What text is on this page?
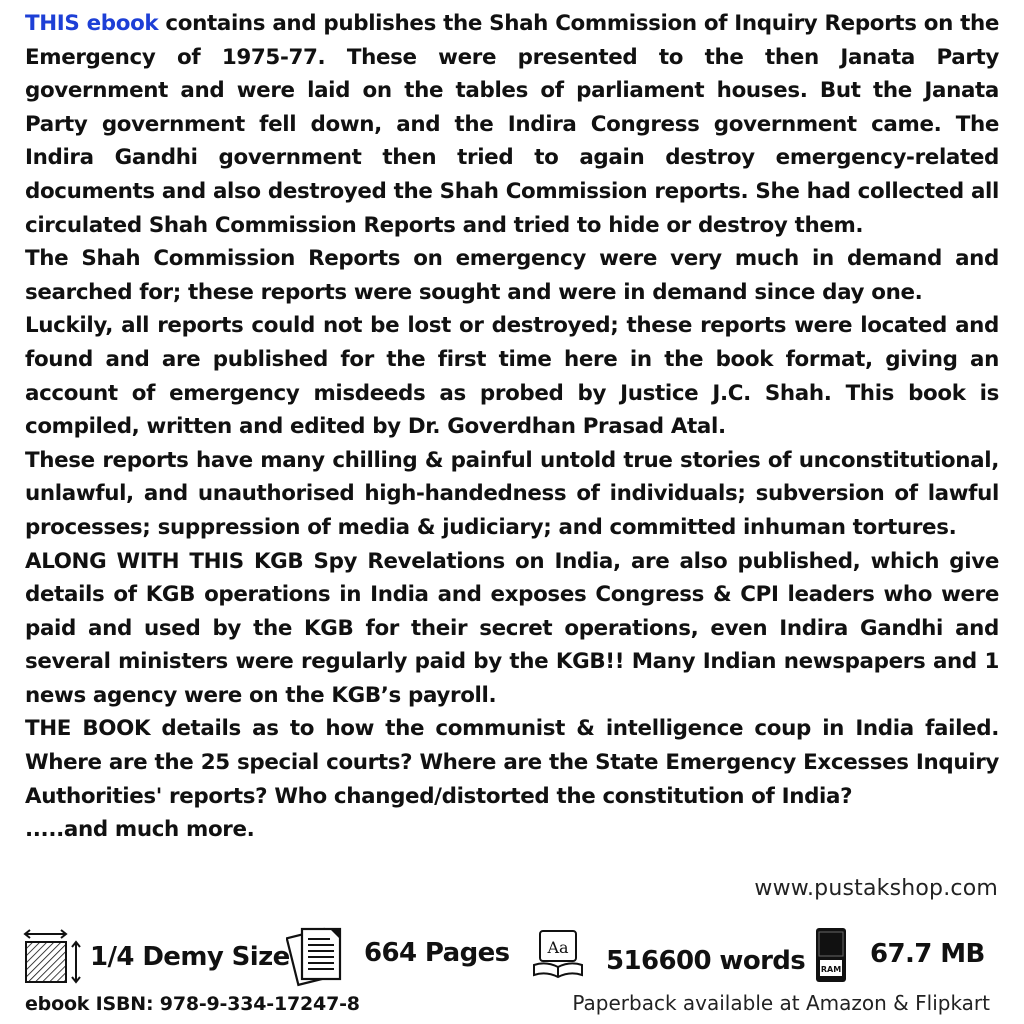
THIS ebook contains and publishes the Shah Commission of Inquiry Reports on the Emergency of 1975-77. These were presented to the then Janata Party government and were laid on the tables of parliament houses. But the Janata Party government fell down, and the Indira Congress government came. The Indira Gandhi government then tried to again destroy emergency-related documents and also destroyed the Shah Commission reports. She had collected all circulated Shah Commission Reports and tried to hide or destroy them.

The Shah Commission Reports on emergency were very much in demand and searched for; these reports were sought and were in demand since day one.

Luckily, all reports could not be lost or destroyed; these reports were located and found and are published for the first time here in the book format, giving an account of emergency misdeeds as probed by Justice J.C. Shah. This book is compiled, written and edited by Dr. Goverdhan Prasad Atal.

These reports have many chilling & painful untold true stories of unconstitutional, unlawful, and unauthorised high-handedness of individuals; subversion of lawful processes; suppression of media & judiciary; and committed inhuman tortures.

ALONG WITH THIS KGB Spy Revelations on India, are also published, which give details of KGB operations in India and exposes Congress & CPI leaders who were paid and used by the KGB for their secret operations, even Indira Gandhi and several ministers were regularly paid by the KGB!! Many Indian newspapers and 1 news agency were on the KGB’s payroll.

THE BOOK details as to how the communist & intelligence coup in India failed. Where are the 25 special courts? Where are the State Emergency Excesses Inquiry Authorities' reports? Who changed/distorted the constitution of India?

.....and much more.

www.pustakshop.com
1/4 Demy Size	664 Pages Aa 516600 words RAM
67.7 MB
ebook ISBN: 978-9-334-17247-8	Paperback available at Amazon & Flipkart
